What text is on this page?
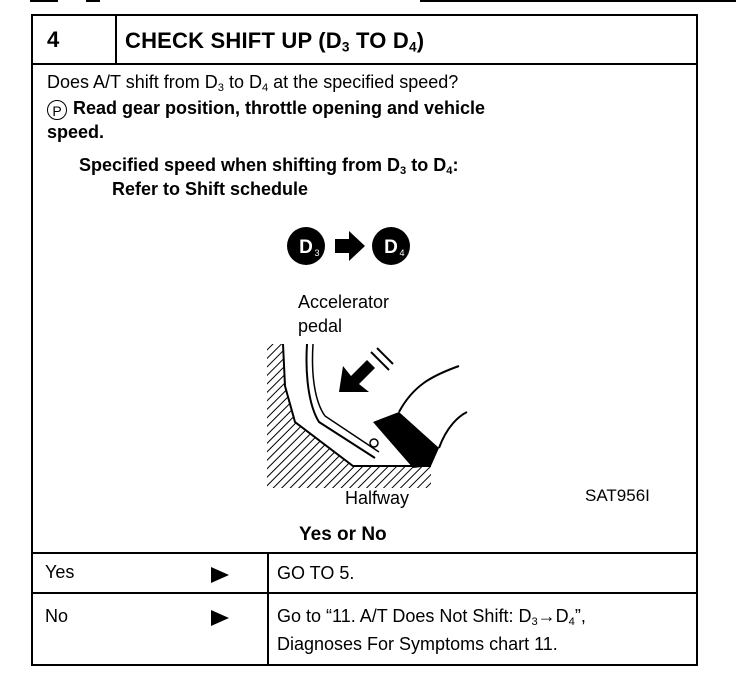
4	CHECK SHIFT UP ($D_3$ TO $D_4$)
Does A/T shift from $D_3$ to $D_4$ at the specified speed?
P Read gear position, throttle opening and vehicle
speed.
Specified speed when shifting from $D_3$ to $D_4$:
Refer to Shift schedule
D 3	D 4
Accelerator
pedal
Halfway	SAT956I
Yes or No
Yes	GO TO 5.
No	Go to “11. A/T Does Not Shift: $D_3\to D_4$”,
Diagnoses For Symptoms chart 11.
